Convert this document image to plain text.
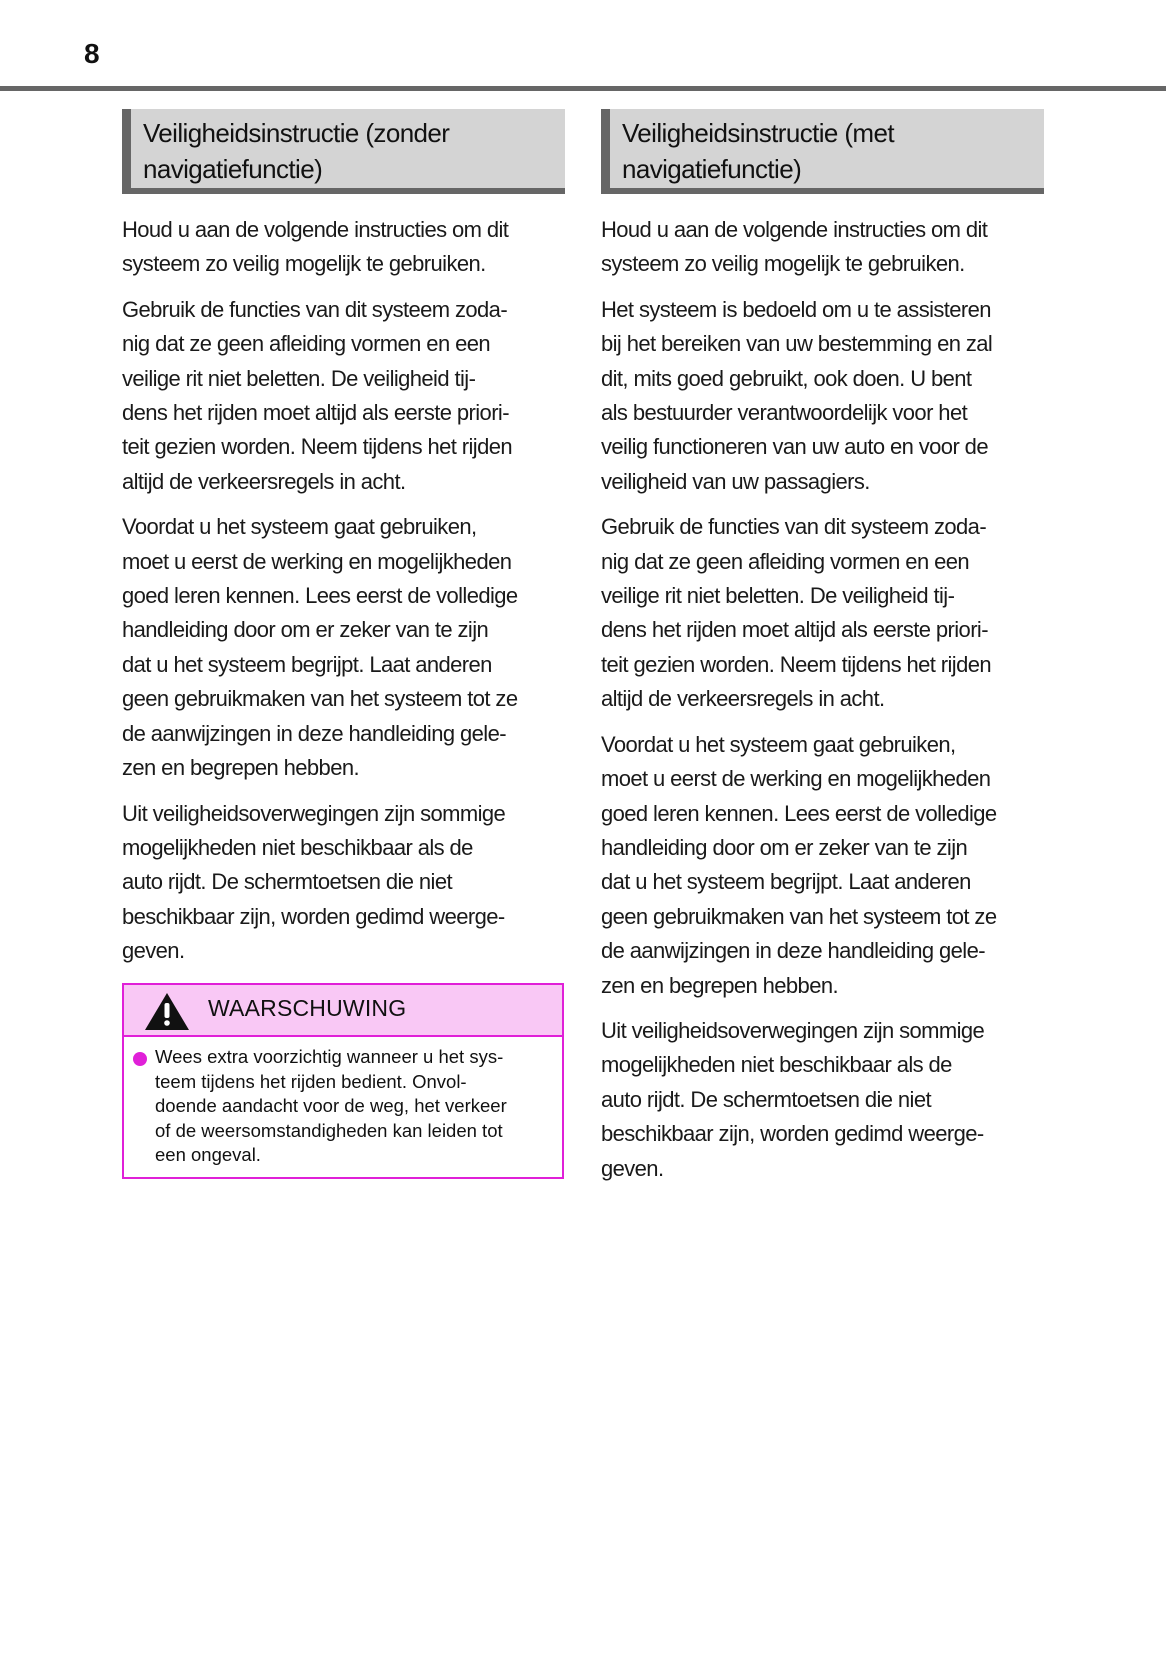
8
Veiligheidsinstructie (zonder
navigatiefunctie)

Houd u aan de volgende instructies om dit
systeem zo veilig mogelijk te gebruiken.

Gebruik de functies van dit systeem zoda-
nig dat ze geen afleiding vormen en een
veilige rit niet beletten. De veiligheid tij-
dens het rijden moet altijd als eerste priori-
teit gezien worden. Neem tijdens het rijden
altijd de verkeersregels in acht.

Voordat u het systeem gaat gebruiken,
moet u eerst de werking en mogelijkheden
goed leren kennen. Lees eerst de volledige
handleiding door om er zeker van te zijn
dat u het systeem begrijpt. Laat anderen
geen gebruikmaken van het systeem tot ze
de aanwijzingen in deze handleiding gele-
zen en begrepen hebben.

Uit veiligheidsoverwegingen zijn sommige
mogelijkheden niet beschikbaar als de
auto rijdt. De schermtoetsen die niet
beschikbaar zijn, worden gedimd weerge-
geven.

Veiligheidsinstructie (met
navigatiefunctie)

Houd u aan de volgende instructies om dit
systeem zo veilig mogelijk te gebruiken.

Het systeem is bedoeld om u te assisteren
bij het bereiken van uw bestemming en zal
dit, mits goed gebruikt, ook doen. U bent
als bestuurder verantwoordelijk voor het
veilig functioneren van uw auto en voor de
veiligheid van uw passagiers.

Gebruik de functies van dit systeem zoda-
nig dat ze geen afleiding vormen en een
veilige rit niet beletten. De veiligheid tij-
dens het rijden moet altijd als eerste priori-
teit gezien worden. Neem tijdens het rijden
altijd de verkeersregels in acht.

Voordat u het systeem gaat gebruiken,
moet u eerst de werking en mogelijkheden
goed leren kennen. Lees eerst de volledige
handleiding door om er zeker van te zijn
dat u het systeem begrijpt. Laat anderen
geen gebruikmaken van het systeem tot ze
de aanwijzingen in deze handleiding gele-
zen en begrepen hebben.

Uit veiligheidsoverwegingen zijn sommige
mogelijkheden niet beschikbaar als de
auto rijdt. De schermtoetsen die niet
beschikbaar zijn, worden gedimd weerge-
geven.

WAARSCHUWING
Wees extra voorzichtig wanneer u het sys-
teem tijdens het rijden bedient. Onvol-
doende aandacht voor de weg, het verkeer
of de weersomstandigheden kan leiden tot
een ongeval.
